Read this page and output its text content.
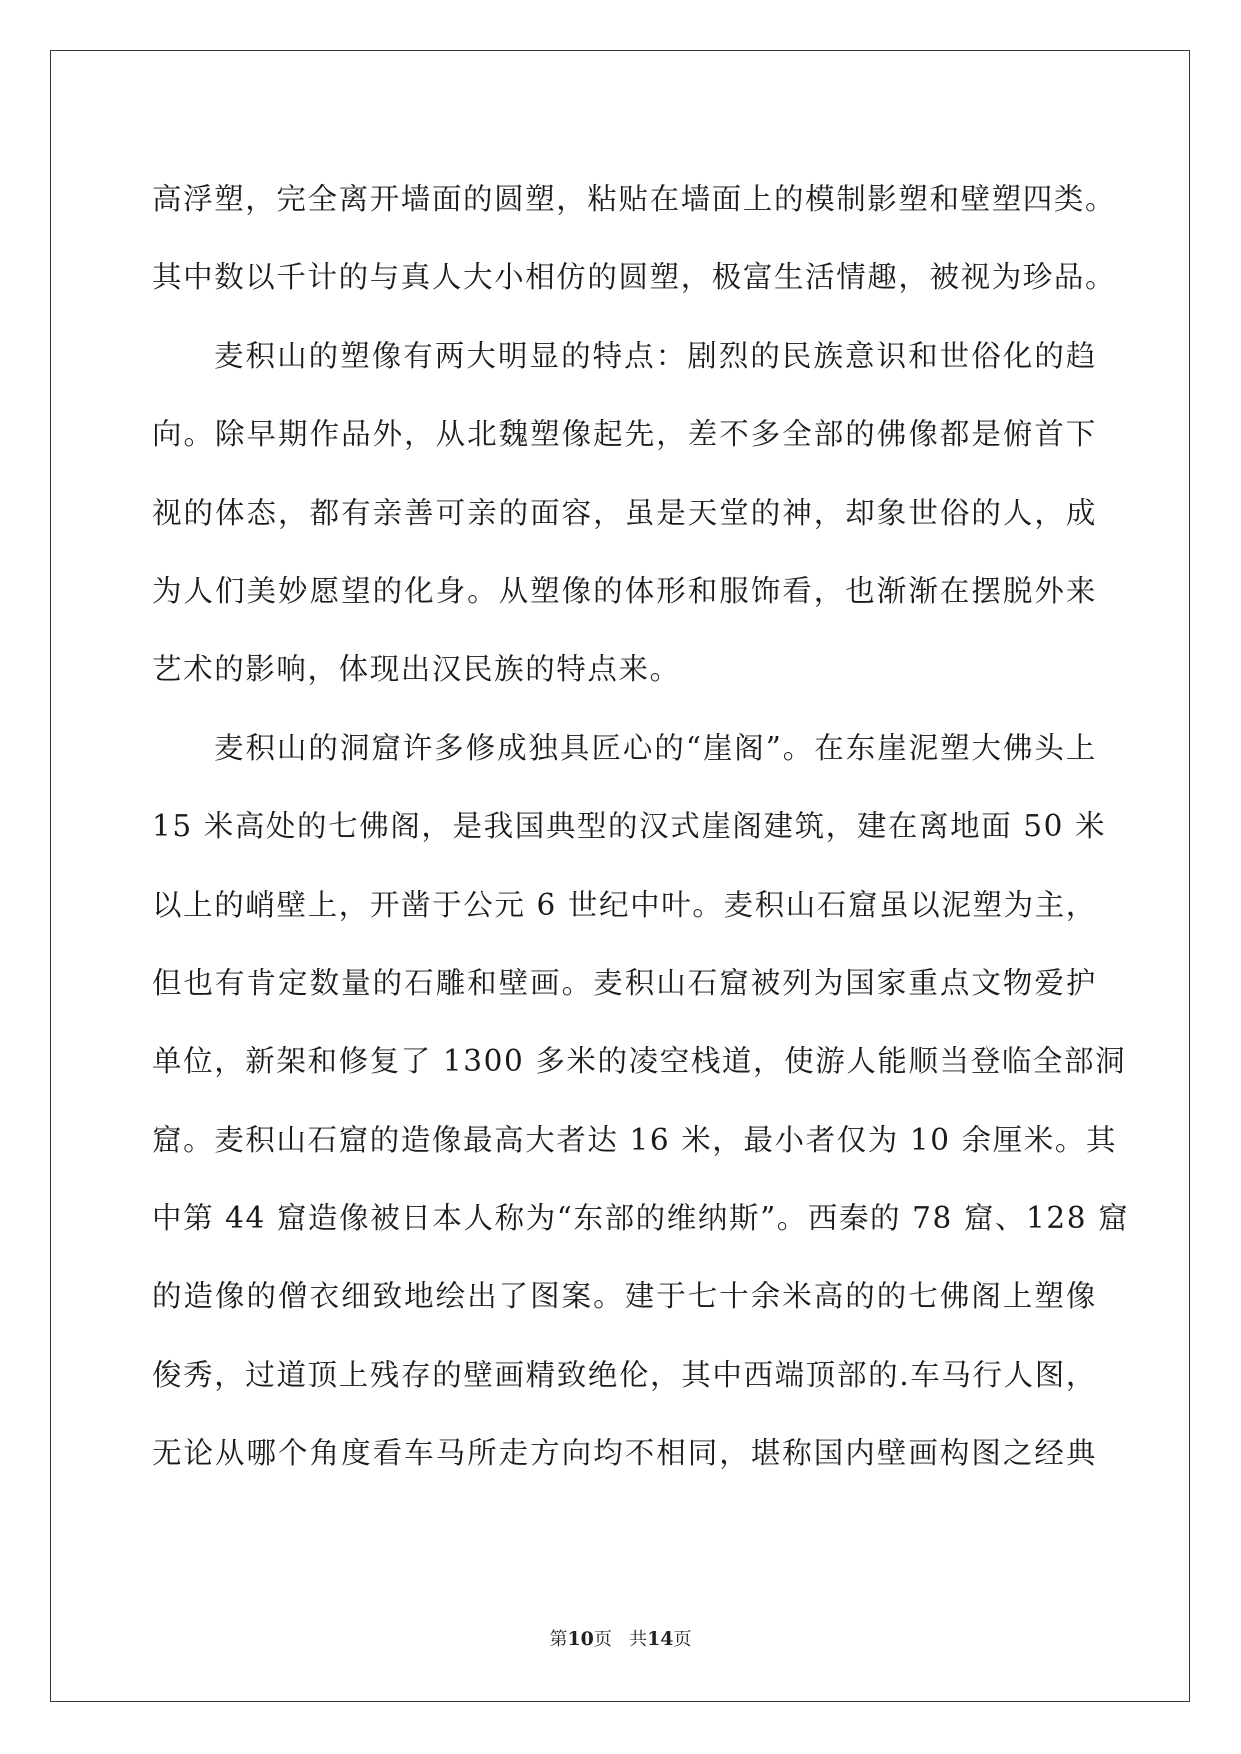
高浮塑，完全离开墙面的圆塑，粘贴在墙面上的模制影塑和壁塑四类。
其中数以千计的与真人大小相仿的圆塑，极富生活情趣，被视为珍品。
麦积山的塑像有两大明显的特点：剧烈的民族意识和世俗化的趋
向。除早期作品外，从北魏塑像起先，差不多全部的佛像都是俯首下
视的体态，都有亲善可亲的面容，虽是天堂的神，却象世俗的人，成
为人们美妙愿望的化身。从塑像的体形和服饰看，也渐渐在摆脱外来
艺术的影响，体现出汉民族的特点来。
麦积山的洞窟许多修成独具匠心的“崖阁”。在东崖泥塑大佛头上
15 米高处的七佛阁，是我国典型的汉式崖阁建筑，建在离地面 50 米
以上的峭壁上，开凿于公元 6 世纪中叶。麦积山石窟虽以泥塑为主，
但也有肯定数量的石雕和壁画。麦积山石窟被列为国家重点文物爱护
单位，新架和修复了 1300 多米的凌空栈道，使游人能顺当登临全部洞
窟。麦积山石窟的造像最高大者达 16 米，最小者仅为 10 余厘米。其
中第 44 窟造像被日本人称为“东部的维纳斯”。西秦的 78 窟、128 窟
的造像的僧衣细致地绘出了图案。建于七十余米高的的七佛阁上塑像
俊秀，过道顶上残存的壁画精致绝伦，其中西端顶部的.车马行人图，
无论从哪个角度看车马所走方向均不相同，堪称国内壁画构图之经典
第10页   共14页
